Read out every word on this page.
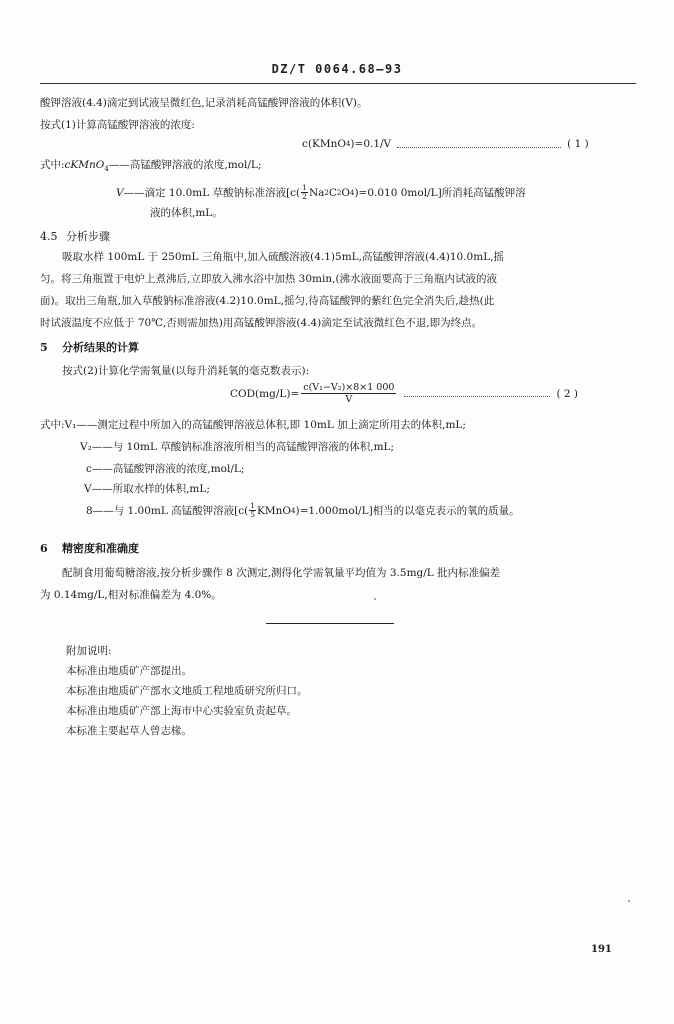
DZ/T 0064.68—93
酸钾溶液(4.4)滴定到试液呈微红色,记录消耗高锰酸钾溶液的体积(V)。
按式(1)计算高锰酸钾溶液的浓度:
c(KMnO 4 )=0.1/V	( 1 )
式中:cKMnO$_4$——高锰酸钾溶液的浓度,mol/L;
V ——滴定 10.0mL 草酸钠标准溶液[$c( \frac{1}{2}$ Na 2 C 2 O 4 )=0.010 0mol/L]所消耗高锰酸钾溶
液的体积,mL。
4.5 分析步骤
吸取水样 100mL 于 250mL 三角瓶中,加入硫酸溶液(4.1)5mL,高锰酸钾溶液(4.4)10.0mL,摇
匀。将三角瓶置于电炉上煮沸后,立即放入沸水浴中加热 30min,(沸水液面要高于三角瓶内试液的液
面)。取出三角瓶,加入草酸钠标准溶液(4.2)10.0mL,摇匀,待高锰酸钾的紫红色完全消失后,趁热(此
时试液温度不应低于 70℃,否则需加热)用高锰酸钾溶液(4.4)滴定至试液微红色不退,即为终点。
5 分析结果的计算
按式(2)计算化学需氧量(以每升消耗氧的毫克数表示):
$COD(mg/L)= \frac{\text{c(V₁−V₂)×8×1 000}}{V}$	( 2 )
式中:V₁——测定过程中所加入的高锰酸钾溶液总体积,即 10mL 加上滴定所用去的体积,mL;
V₂——与 10mL 草酸钠标准溶液所相当的高锰酸钾溶液的体积,mL;
c——高锰酸钾溶液的浓度,mol/L;
V——所取水样的体积,mL;
8——与 1.00mL 高锰酸钾溶液[$c( \frac{1}{5}$ KMnO 4 )=1.000mol/L]相当的以毫克表示的氧的质量。
6 精密度和准确度
配制食用葡萄糖溶液,按分析步骤作 8 次测定,测得化学需氧量平均值为 3.5mg/L 批内标准偏差
为 0.14mg/L,相对标准偏差为 4.0%。
附加说明:
本标准由地质矿产部提出。
本标准由地质矿产部水文地质工程地质研究所归口。
本标准由地质矿产部上海市中心实验室负责起草。
本标准主要起草人曾志椽。
191
